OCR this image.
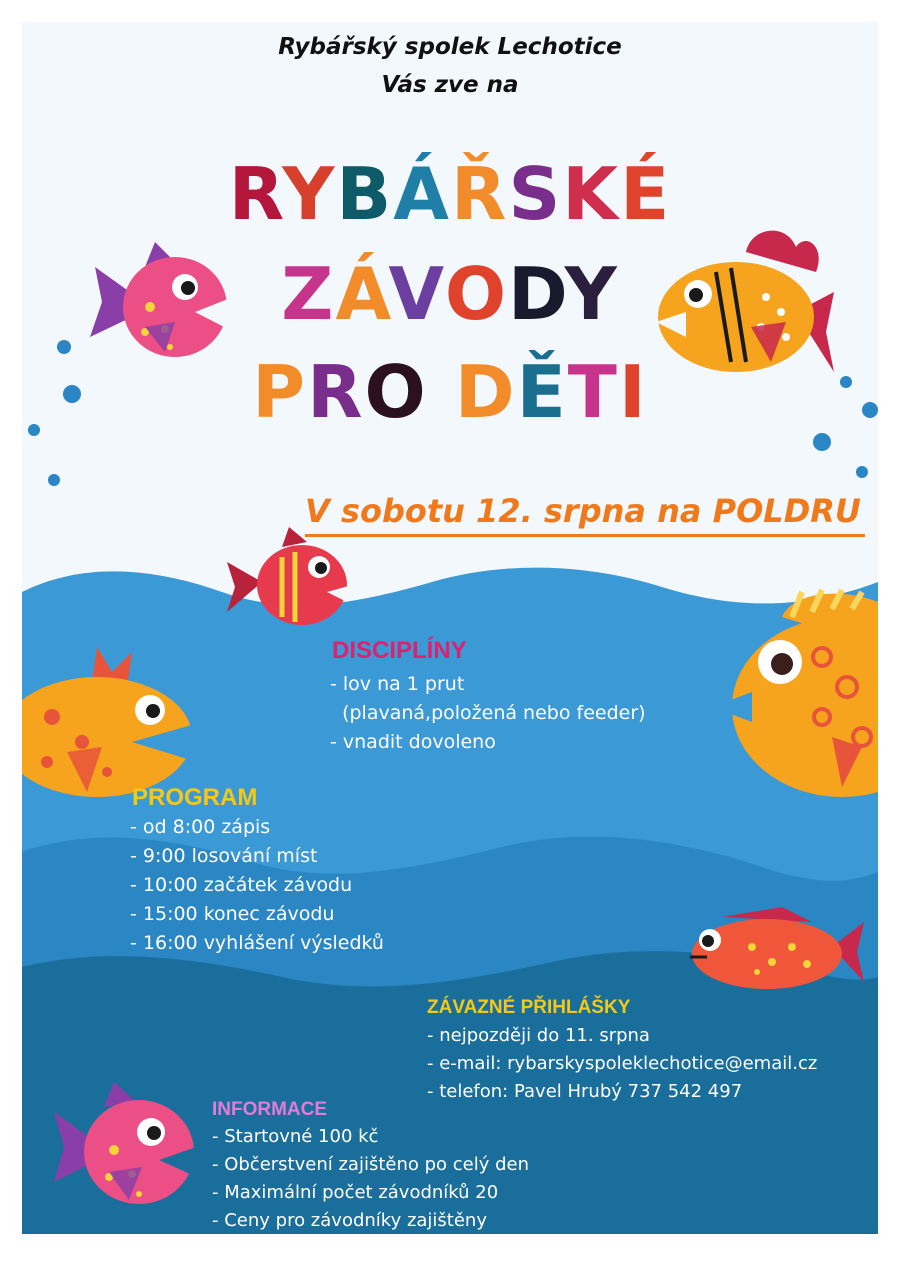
Rybářský spolek Lechotice
Vás zve na
RYBÁŘSKÉ
ZÁVODY
PRO DĚTI
V sobotu 12. srpna na POLDRU
DISCIPLÍNY
- lov na 1 prut
(plavaná,položená nebo feeder)
- vnadit dovoleno
PROGRAM
- od 8:00 zápis
- 9:00 losování míst
- 10:00 začátek závodu
- 15:00 konec závodu
- 16:00 vyhlášení výsledků
ZÁVAZNÉ PŘIHLÁŠKY
- nejpozději do 11. srpna
- e-mail: rybarskyspoleklechotice@email.cz
- telefon: Pavel Hrubý 737 542 497
INFORMACE
- Startovné 100 kč
- Občerstvení zajištěno po celý den
- Maximální počet závodníků 20
- Ceny pro závodníky zajištěny
